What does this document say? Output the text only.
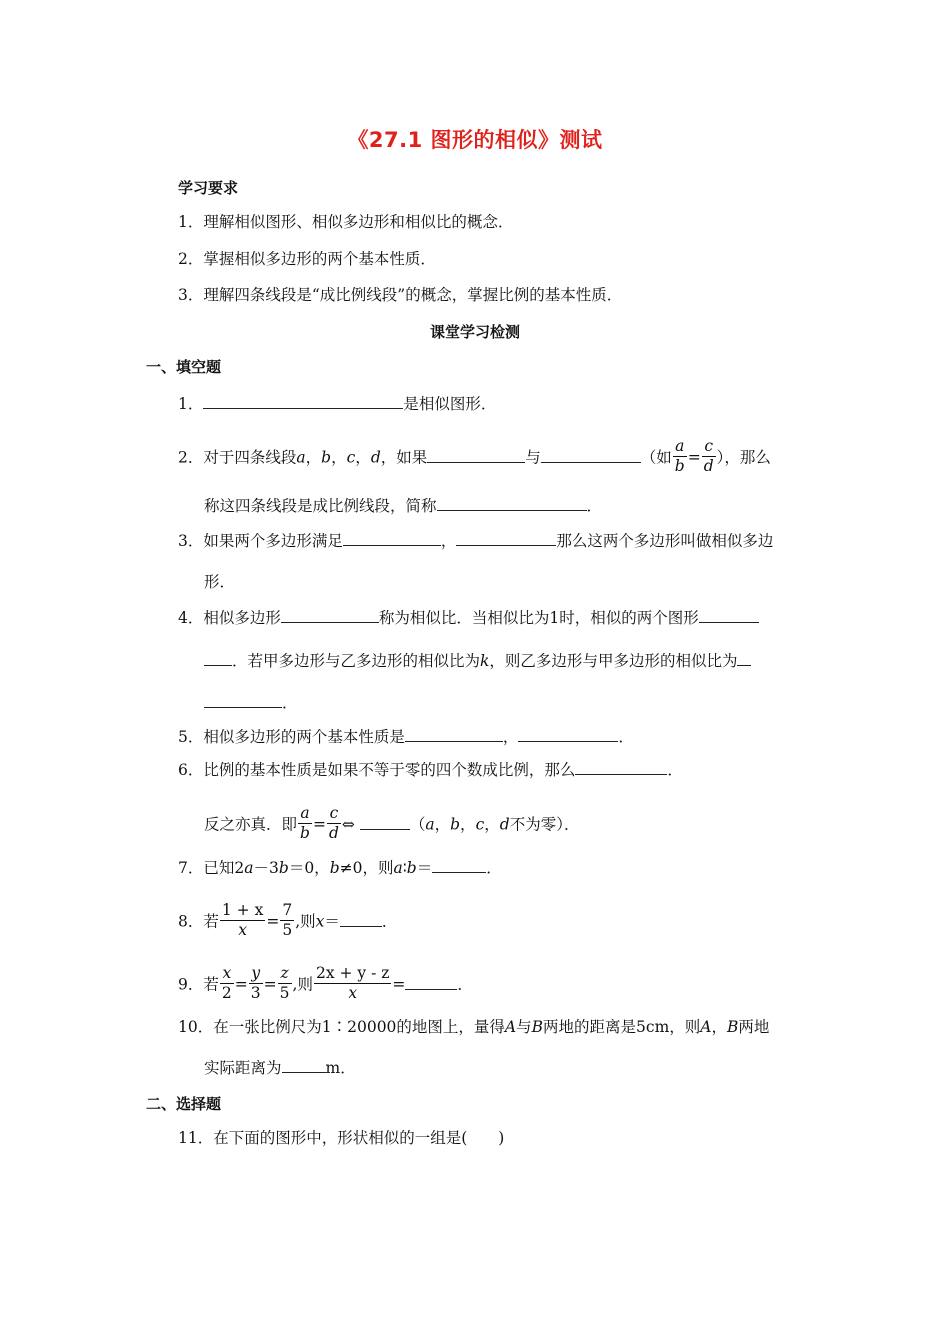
《27.1 图形的相似》测试
学习要求
1．理解相似图形、相似多边形和相似比的概念．
2．掌握相似多边形的两个基本性质．
3．理解四条线段是“成比例线段”的概念，掌握比例的基本性质．
课堂学习检测
一、填空题
1．	是相似图形．
2．对于四条线段a，b，c，d，如果	与	（如 $\frac{a}{b} = \frac{c}{d}$ ），那么
称这四条线段是成比例线段，简称	．
3．如果两个多边形满足	，	那么这两个多边形叫做相似多边
形．
4．相似多边形	称为相似比．当相似比为1时，相似的两个图形
．若甲多边形与乙多边形的相似比为k，则乙多边形与甲多边形的相似比为
．
5．相似多边形的两个基本性质是	，	．
6．比例的基本性质是如果不等于零的四个数成比例，那么	．
反之亦真．即 $\frac{a}{b} = \frac{c}{d}$ ⇔	（a，b，c，d不为零）．
7．已知2a－3b＝0，b≠0，则a∶b＝	．
8．若 $\frac{1 + x}{x} = \frac{7}{5}$ ,则x＝	．
9．若 $\frac{x}{2} = \frac{y}{3} = \frac{z}{5}$ ,则 $\frac{2x + y - z}{x}$ =	．
10．在一张比例尺为1∶20000的地图上，量得A与B两地的距离是5cm，则A，B两地
实际距离为	m．
二、选择题
11．在下面的图形中，形状相似的一组是(　　)
